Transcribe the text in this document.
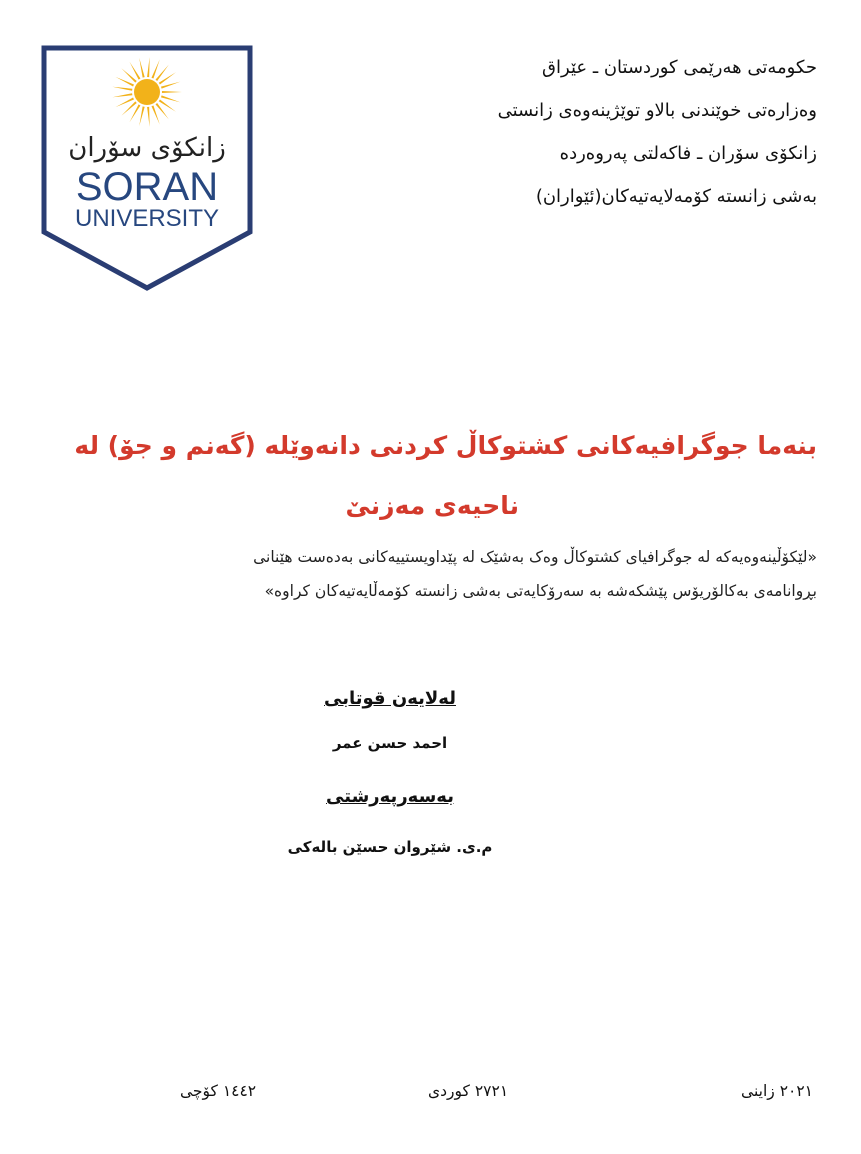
زانکۆی سۆران
SORAN
UNIVERSITY
حکومەتی هەرێمی کوردستان ـ عێراق
وەزارەتی خوێندنی بالاو توێژینەوەی زانستی
زانکۆی سۆران ـ فاکەلتی پەروەردە
بەشی زانستە کۆمەلایەتیەکان(ئێواران)
بنەما جوگرافیەکانی کشتوکاڵ کردنی دانەوێلە (گەنم و جۆ) لە
ناحیەی مەزنێ
«لێکۆڵینەوەیەکە لە جوگرافیای کشتوکاڵ وەک بەشێک لە پێداویستییەکانی بەدەست هێنانی
بڕوانامەی بەکالۆریۆس پێشکەشە بە سەرۆکایەتی بەشی زانستە کۆمەڵایەتیەکان کراوە»
لەلایەن قوتابی
احمد حسن عمر
بەسەرپەرشتی
م.ی. شێروان حسێن بالەکی
٢٠٢١ زاینی
٢٧٢١ کوردی
١٤٤٢ کۆچی
